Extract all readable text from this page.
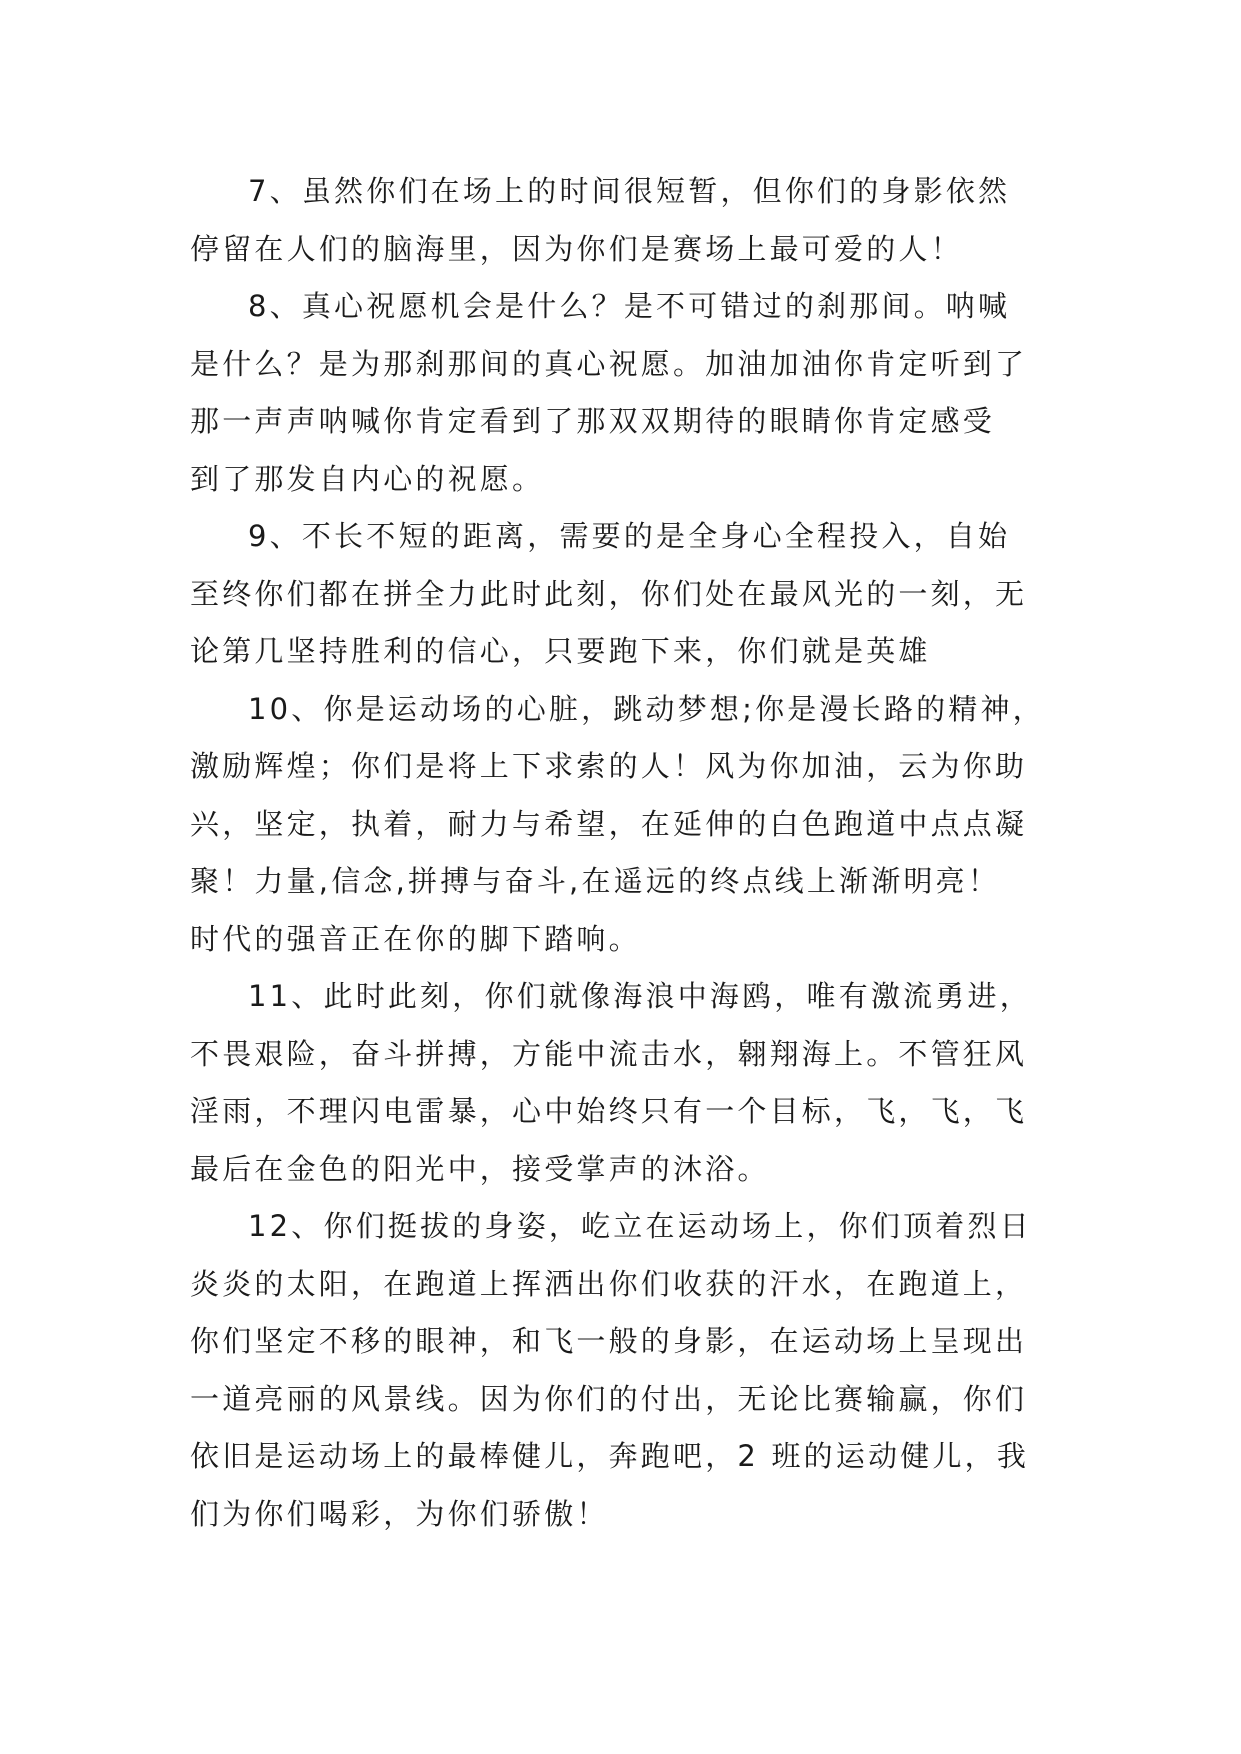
7、虽然你们在场上的时间很短暂，但你们的身影依然
停留在人们的脑海里，因为你们是赛场上最可爱的人！

8、真心祝愿机会是什么？是不可错过的刹那间。呐喊
是什么？是为那刹那间的真心祝愿。加油加油你肯定听到了
那一声声呐喊你肯定看到了那双双期待的眼睛你肯定感受
到了那发自内心的祝愿。

9、不长不短的距离，需要的是全身心全程投入，自始
至终你们都在拼全力此时此刻，你们处在最风光的一刻，无
论第几坚持胜利的信心，只要跑下来，你们就是英雄

10、你是运动场的心脏，跳动梦想;你是漫长路的精神，
激励辉煌；你们是将上下求索的人！风为你加油，云为你助
兴，坚定，执着，耐力与希望，在延伸的白色跑道中点点凝
聚！力量,信念,拼搏与奋斗,在遥远的终点线上渐渐明亮！
时代的强音正在你的脚下踏响。

11、此时此刻，你们就像海浪中海鸥，唯有激流勇进，
不畏艰险，奋斗拼搏，方能中流击水，翱翔海上。不管狂风
淫雨，不理闪电雷暴，心中始终只有一个目标，飞，飞，飞
最后在金色的阳光中，接受掌声的沐浴。

12、你们挺拔的身姿，屹立在运动场上，你们顶着烈日
炎炎的太阳，在跑道上挥洒出你们收获的汗水，在跑道上，
你们坚定不移的眼神，和飞一般的身影，在运动场上呈现出
一道亮丽的风景线。因为你们的付出，无论比赛输赢，你们
依旧是运动场上的最棒健儿，奔跑吧，2 班的运动健儿，我
们为你们喝彩，为你们骄傲！
